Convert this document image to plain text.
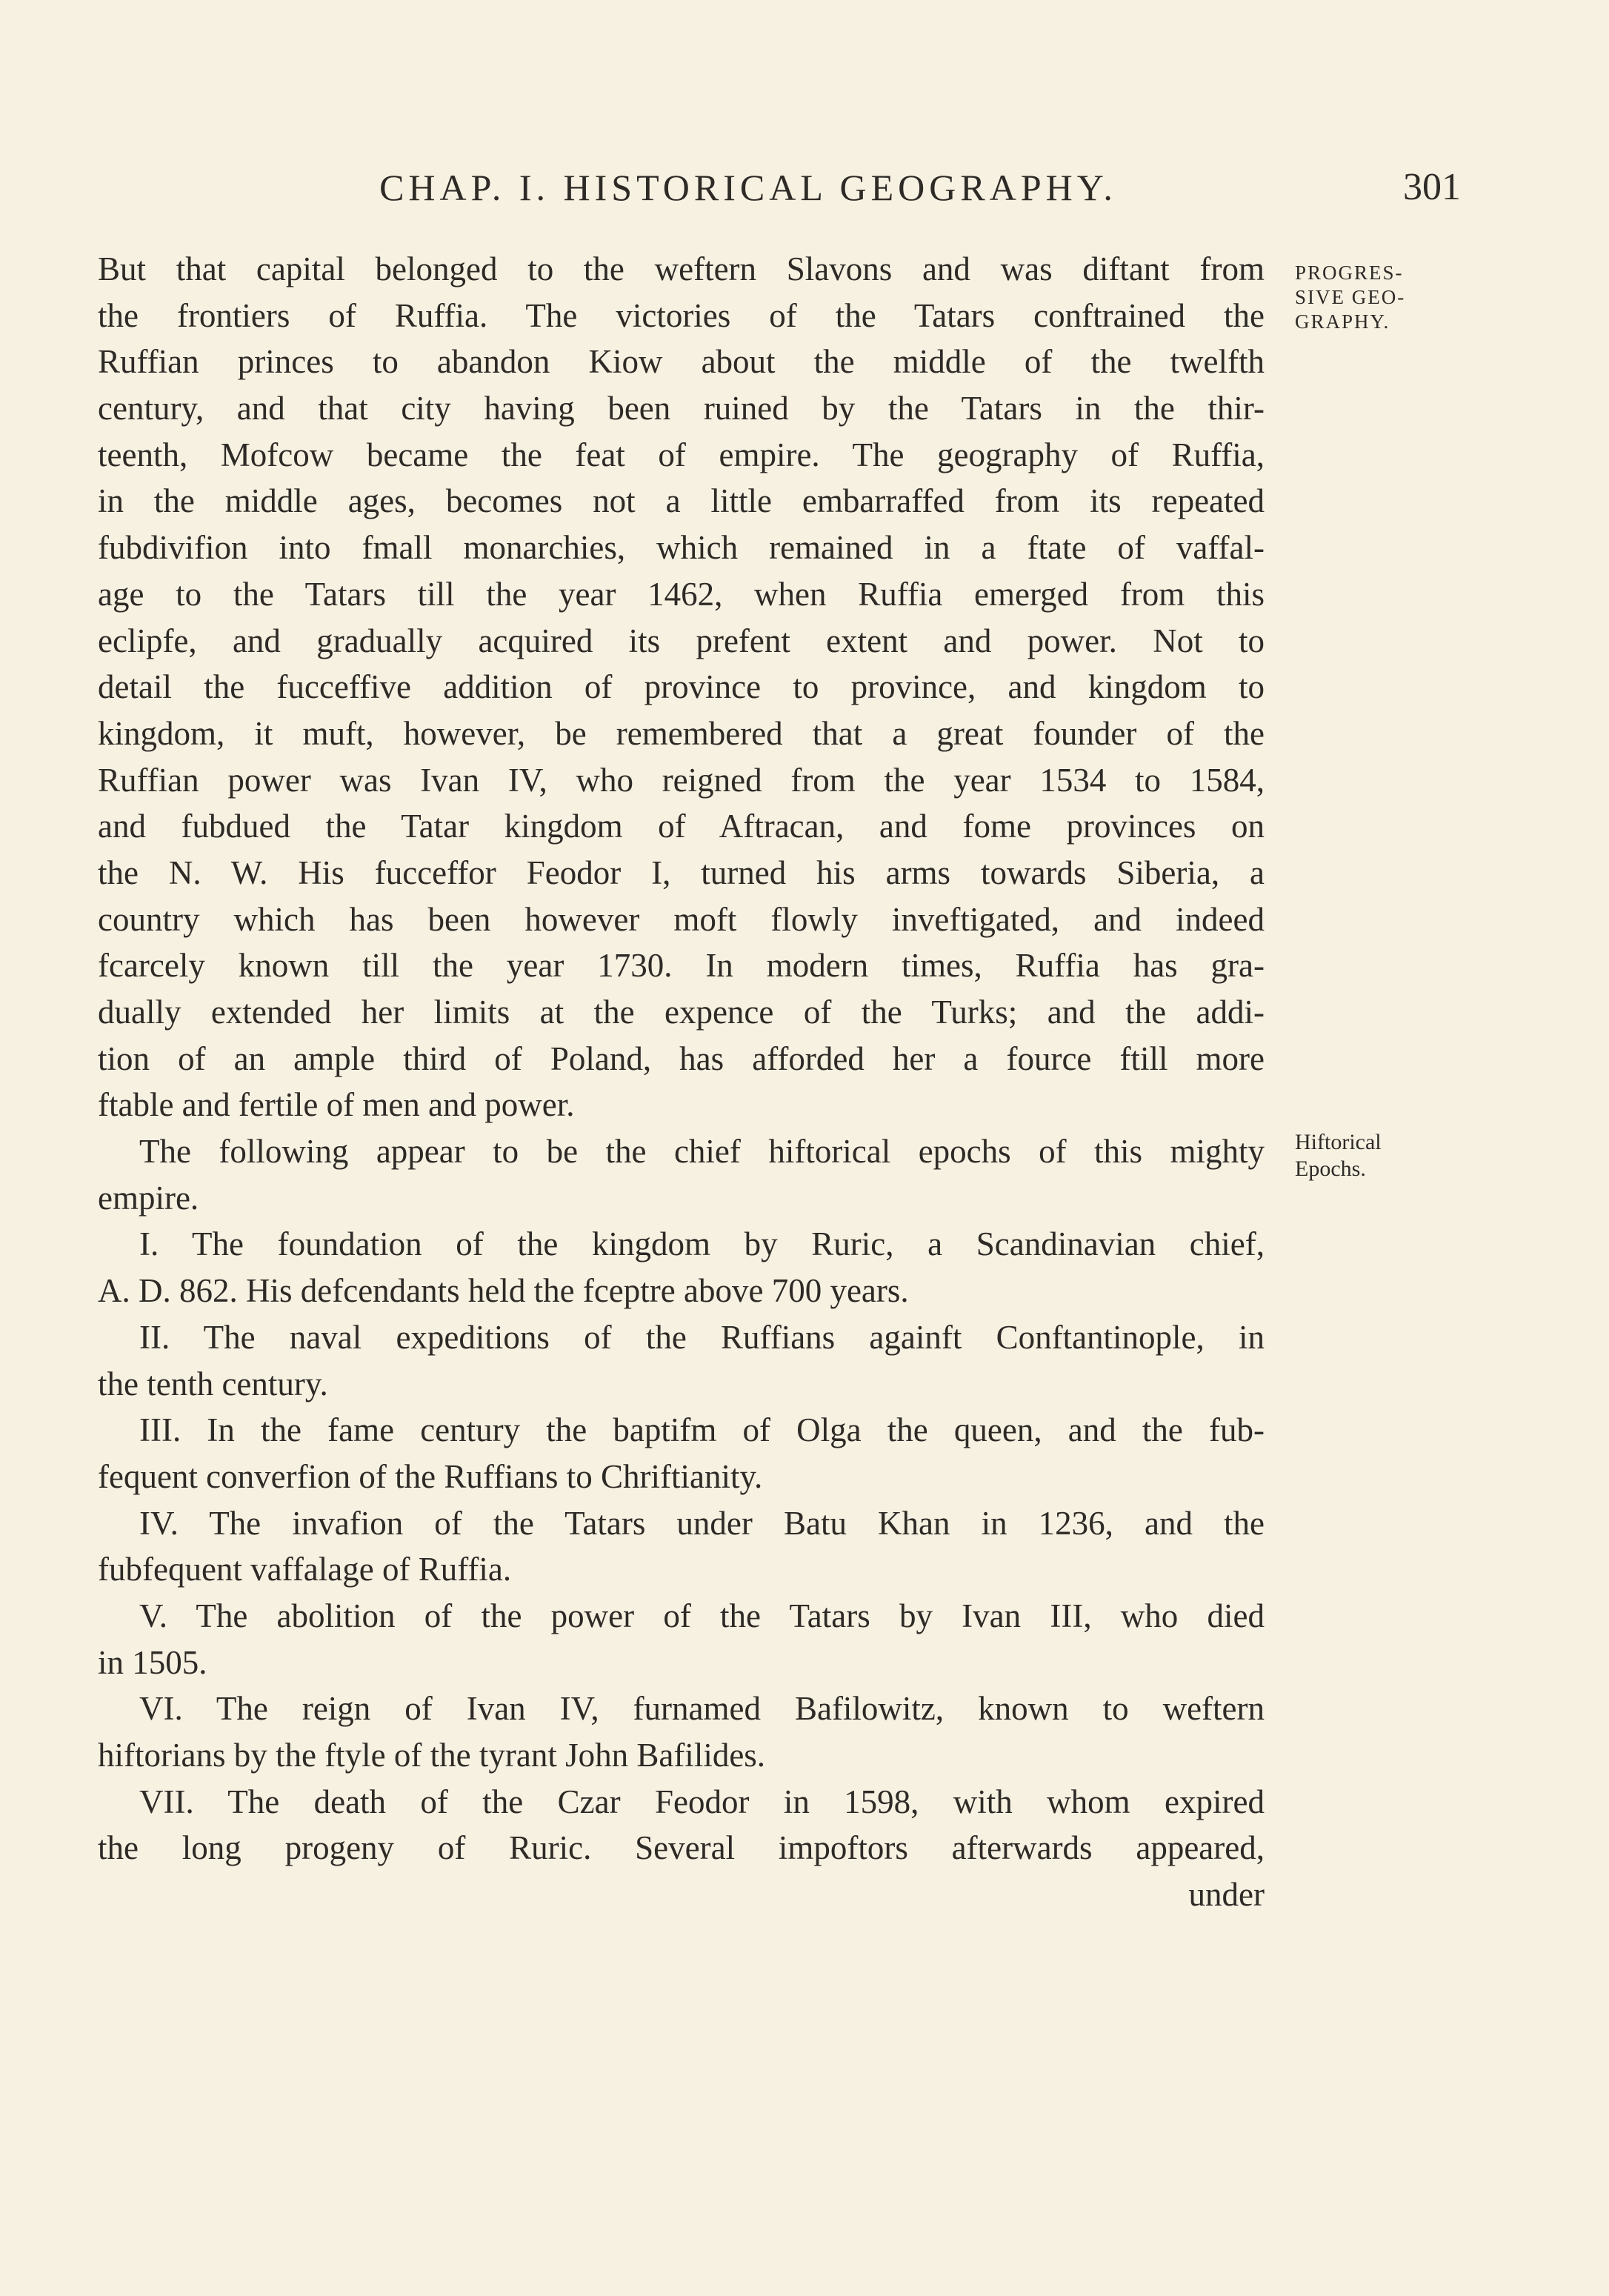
CHAP. I. HISTORICAL GEOGRAPHY.	301
PROGRES-
SIVE GEO-
GRAPHY.
Hiftorical
Epochs.
But that capital belonged to the weftern Slavons and was diftant from
the frontiers of Ruffia. The victories of the Tatars conftrained the
Ruffian princes to abandon Kiow about the middle of the twelfth
century, and that city having been ruined by the Tatars in the thir-
teenth, Mofcow became the feat of empire. The geography of Ruffia,
in the middle ages, becomes not a little embarraffed from its repeated
fubdivifion into fmall monarchies, which remained in a ftate of vaffal-
age to the Tatars till the year 1462, when Ruffia emerged from this
eclipfe, and gradually acquired its prefent extent and power. Not to
detail the fucceffive addition of province to province, and kingdom to
kingdom, it muft, however, be remembered that a great founder of the
Ruffian power was Ivan IV, who reigned from the year 1534 to 1584,
and fubdued the Tatar kingdom of Aftracan, and fome provinces on
the N. W. His fucceffor Feodor I, turned his arms towards Siberia, a
country which has been however moft flowly inveftigated, and indeed
fcarcely known till the year 1730. In modern times, Ruffia has gra-
dually extended her limits at the expence of the Turks; and the addi-
tion of an ample third of Poland, has afforded her a fource ftill more
ftable and fertile of men and power.
The following appear to be the chief hiftorical epochs of this mighty
empire.
I. The foundation of the kingdom by Ruric, a Scandinavian chief,
A. D. 862. His defcendants held the fceptre above 700 years.
II. The naval expeditions of the Ruffians againft Conftantinople, in
the tenth century.
III. In the fame century the baptifm of Olga the queen, and the fub-
fequent converfion of the Ruffians to Chriftianity.
IV. The invafion of the Tatars under Batu Khan in 1236, and the
fubfequent vaffalage of Ruffia.
V. The abolition of the power of the Tatars by Ivan III, who died
in 1505.
VI. The reign of Ivan IV, furnamed Bafilowitz, known to weftern
hiftorians by the ftyle of the tyrant John Bafilides.
VII. The death of the Czar Feodor in 1598, with whom expired
the long progeny of Ruric. Several impoftors afterwards appeared,
under
